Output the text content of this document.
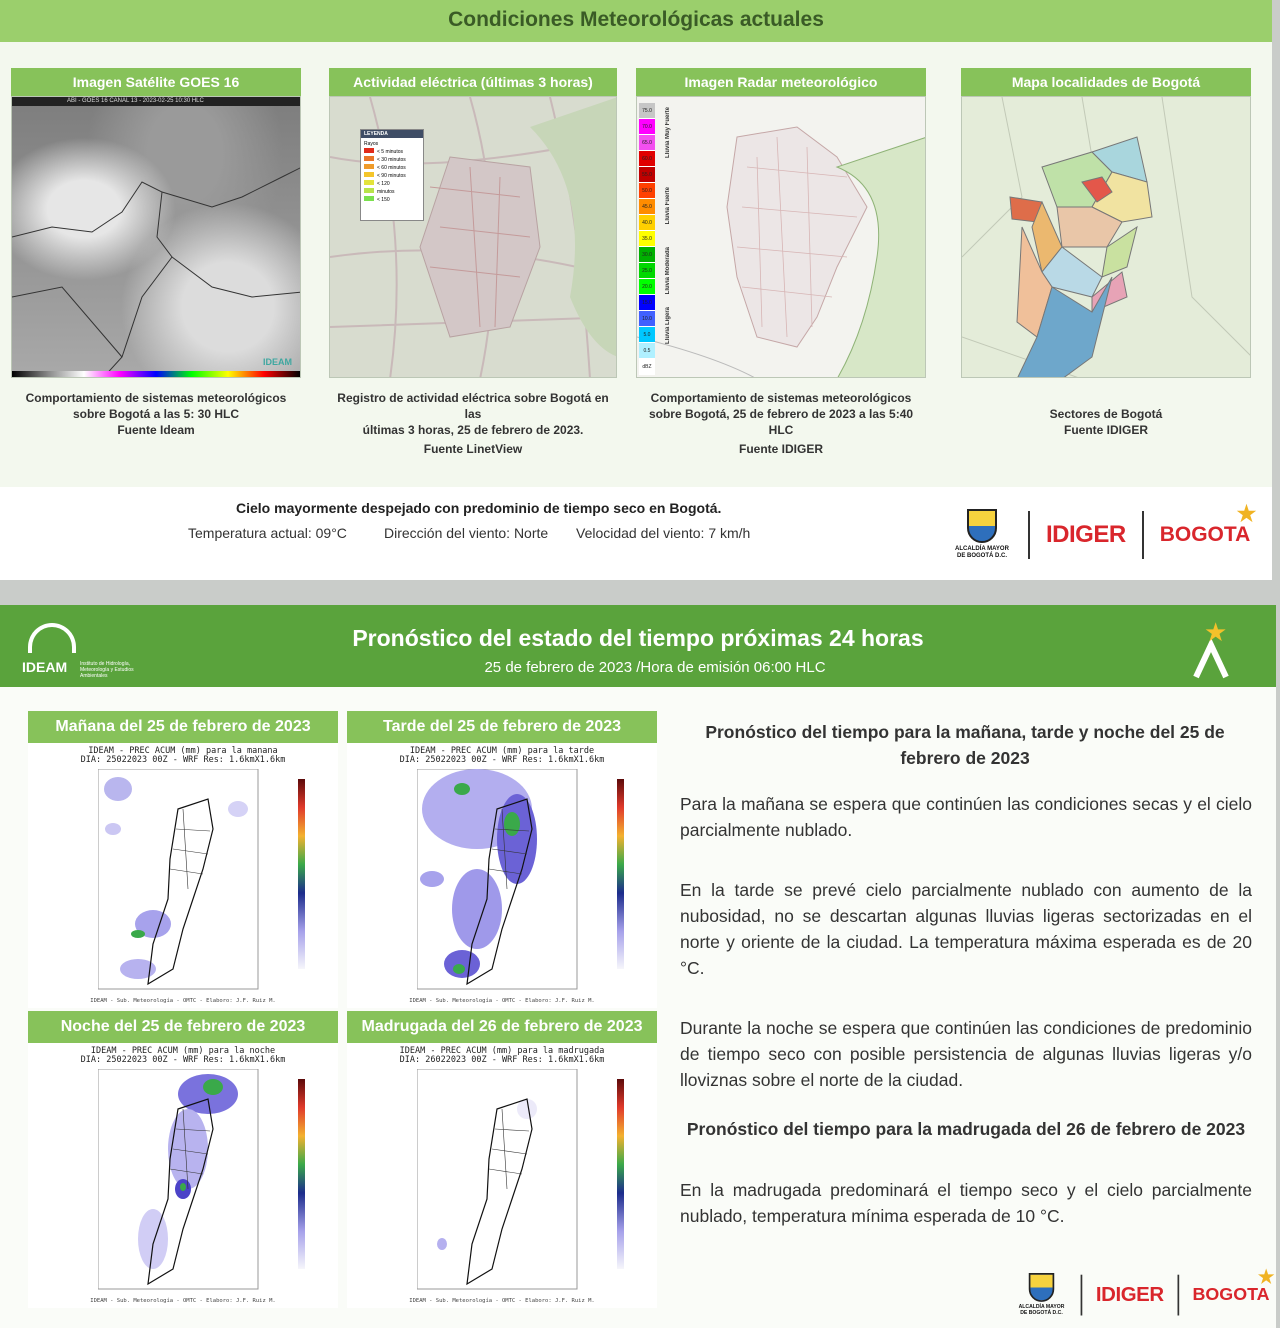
Condiciones Meteorológicas actuales
Imagen Satélite GOES 16
ABI - GOES 16 CANAL 13 - 2023-02-25 10:30 HLC
IDEAM
Comportamiento de sistemas meteorológicos
sobre Bogotá a las 5: 30 HLC
Fuente Ideam
Actividad eléctrica (últimas 3 horas)
LEYENDA
Rayos
< 5 minutos
< 30 minutos
< 60 minutos
< 90 minutos
< 120
minutos
< 150
Registro de actividad eléctrica sobre Bogotá en las
últimas 3 horas, 25 de febrero de 2023.
Fuente LinetView
Imagen Radar meteorológico
75.0
70.0
65.0
60.0
55.0
50.0
45.0
40.0
35.0
30.0
25.0
20.0
15.0
10.0
5.0
0.5
dBZ
Lluvia Muy Fuerte
Lluvia Fuerte
Lluvia Moderada
Lluvia Ligera
Comportamiento de sistemas meteorológicos
sobre Bogotá, 25 de febrero de 2023 a las 5:40 HLC
Fuente IDIGER
Mapa localidades de Bogotá
Sectores de Bogotá
Fuente IDIGER
Cielo mayormente despejado con predominio de tiempo seco en Bogotá.
Temperatura actual: 09°C	Dirección del viento: Norte Velocidad del viento: 7 km/h
ALCALDÍA MAYOR DE BOGOTÁ D.C.
IDIGER BOGOTA
★
IDEAM	Instituto de Hidrología, Meteorología y Estudios Ambientales
Pronóstico del estado del tiempo próximas 24 horas
25 de febrero de 2023 /Hora de emisión 06:00 HLC
★
Mañana del 25 de febrero de 2023
IDEAM - PREC ACUM (mm) para la manana
DIA: 25022023 00Z - WRF Res: 1.6kmX1.6km
IDEAM - Sub. Meteorología - OMTC - Elaboro: J.F. Ruiz M.
Tarde del 25 de febrero de 2023
IDEAM - PREC ACUM (mm) para la tarde
DIA: 25022023 00Z - WRF Res: 1.6kmX1.6km
IDEAM - Sub. Meteorología - OMTC - Elaboro: J.F. Ruiz M.
Noche del 25 de febrero de 2023
IDEAM - PREC ACUM (mm) para la noche
DIA: 25022023 00Z - WRF Res: 1.6kmX1.6km
IDEAM - Sub. Meteorología - OMTC - Elaboro: J.F. Ruiz M.
Madrugada del 26 de febrero de 2023
IDEAM - PREC ACUM (mm) para la madrugada
DIA: 26022023 00Z - WRF Res: 1.6kmX1.6km
IDEAM - Sub. Meteorología - OMTC - Elaboro: J.F. Ruiz M.
Pronóstico del tiempo para la mañana, tarde y noche del 25 de febrero de 2023
Para la mañana se espera que continúen las condiciones secas y el cielo parcialmente nublado.
En la tarde se prevé cielo parcialmente nublado con aumento de la nubosidad, no se descartan algunas lluvias ligeras sectorizadas en el norte y oriente de la ciudad. La temperatura máxima esperada es de 20 °C.
Durante la noche se espera que continúen las condiciones de predominio de tiempo seco con posible persistencia de algunas lluvias ligeras y/o lloviznas sobre el norte de la ciudad.
Pronóstico del tiempo para la madrugada del 26 de febrero de 2023
En la madrugada predominará el tiempo seco y el cielo parcialmente nublado, temperatura mínima esperada de 10 °C.
ALCALDÍA MAYOR DE BOGOTÁ D.C.
IDIGER BOGOTA
★
